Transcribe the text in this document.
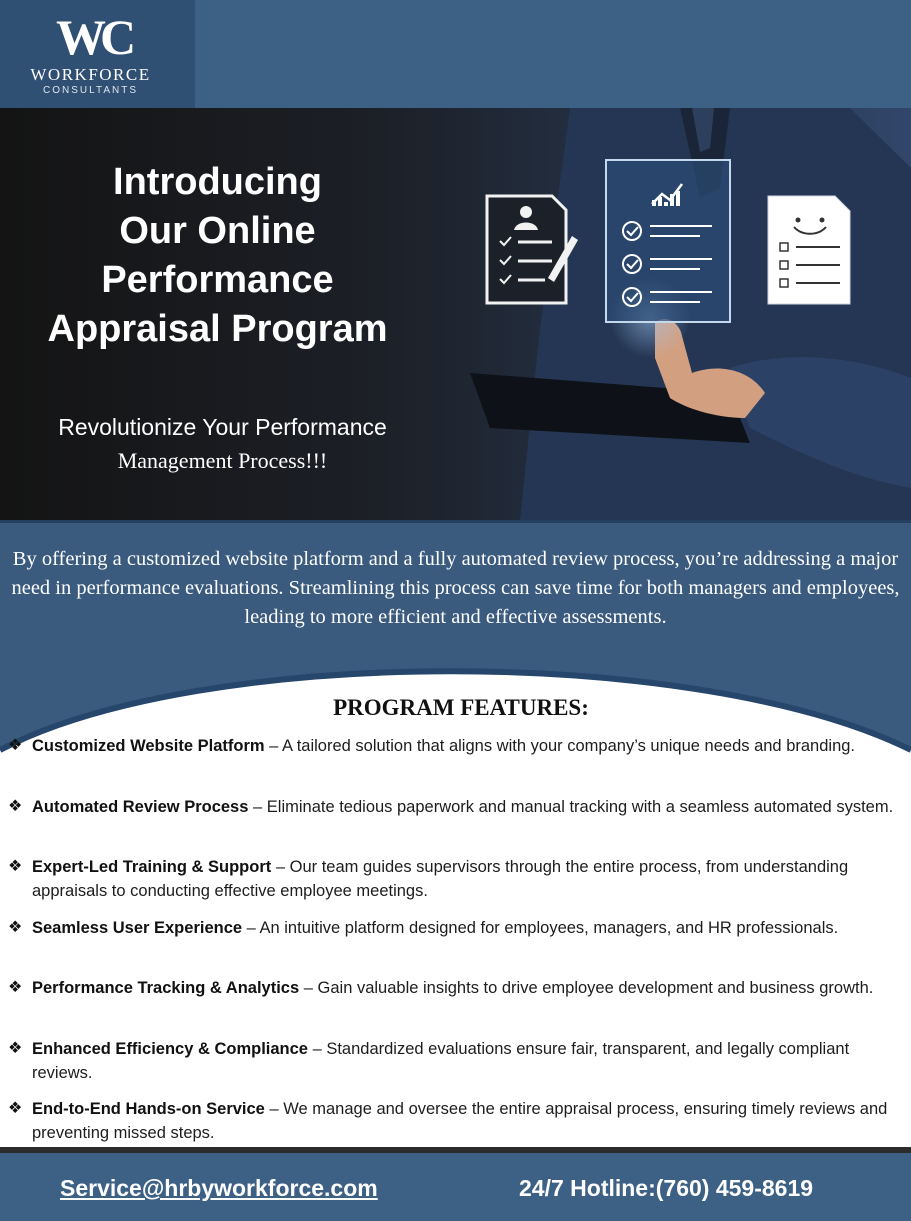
WC
WORKFORCE
CONSULTANTS
Introducing
Our Online
Performance
Appraisal Program
Revolutionize Your Performance
Management Process!!!
By offering a customized website platform and a fully automated review process, you’re addressing a major need in performance evaluations. Streamlining this process can save time for both managers and employees, leading to more efficient and effective assessments.
PROGRAM FEATURES:
❖ Customized Website Platform – A tailored solution that aligns with your company’s unique needs and branding.
❖ Automated Review Process – Eliminate tedious paperwork and manual tracking with a seamless automated system.
❖ Expert-Led Training & Support – Our team guides supervisors through the entire process, from understanding appraisals to conducting effective employee meetings.
❖ Seamless User Experience – An intuitive platform designed for employees, managers, and HR professionals.
❖ Performance Tracking & Analytics – Gain valuable insights to drive employee development and business growth.
❖ Enhanced Efficiency & Compliance – Standardized evaluations ensure fair, transparent, and legally compliant reviews.
❖ End-to-End Hands-on Service – We manage and oversee the entire appraisal process, ensuring timely reviews and preventing missed steps.
Service@hrbyworkforce.com	24/7 Hotline:(760) 459-8619
